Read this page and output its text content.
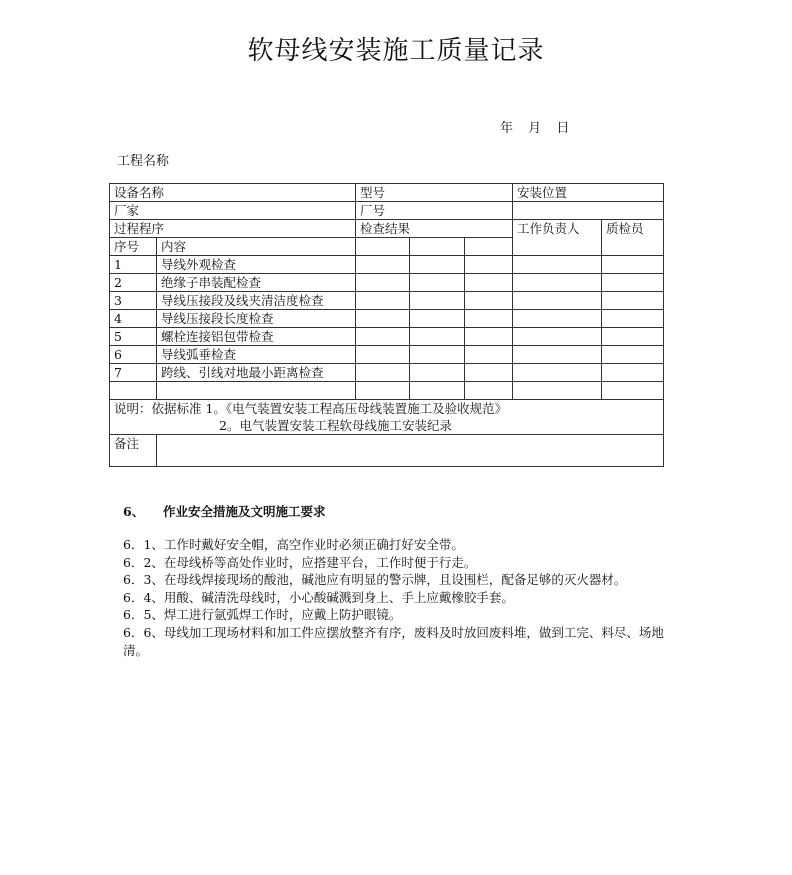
软母线安装施工质量记录
年 月 日
工程名称
设备名称		型号			安装位置	
厂家		厂号				
过程程序		检查结果			工作负责人	质检员
序号	内容					
1	导线外观检查					
2	绝缘子串装配检查					
3	导线压接段及线夹清洁度检查					
4	导线压接段长度检查					
5	螺栓连接铝包带检查					
6	导线弧垂检查					
7	跨线、引线对地最小距离检查					

说明：依据标准 1。《电气装置安装工程高压母线装置施工及验收规范》
2。电气装置安装工程软母线施工安装纪录						

备注						
6、 作业安全措施及文明施工要求
6．1、工作时戴好安全帽，高空作业时必须正确打好安全带。
6．2、在母线桥等高处作业时，应搭建平台，工作时便于行走。
6．3、在母线焊接现场的酸池，碱池应有明显的警示牌，且设围栏，配备足够的灭火器材。
6．4、用酸、碱清洗母线时，小心酸碱溅到身上、手上应戴橡胶手套。
6．5、焊工进行氩弧焊工作时，应戴上防护眼镜。
6．6、母线加工现场材料和加工件应摆放整齐有序，废料及时放回废料堆，做到工完、料尽、场地清。
